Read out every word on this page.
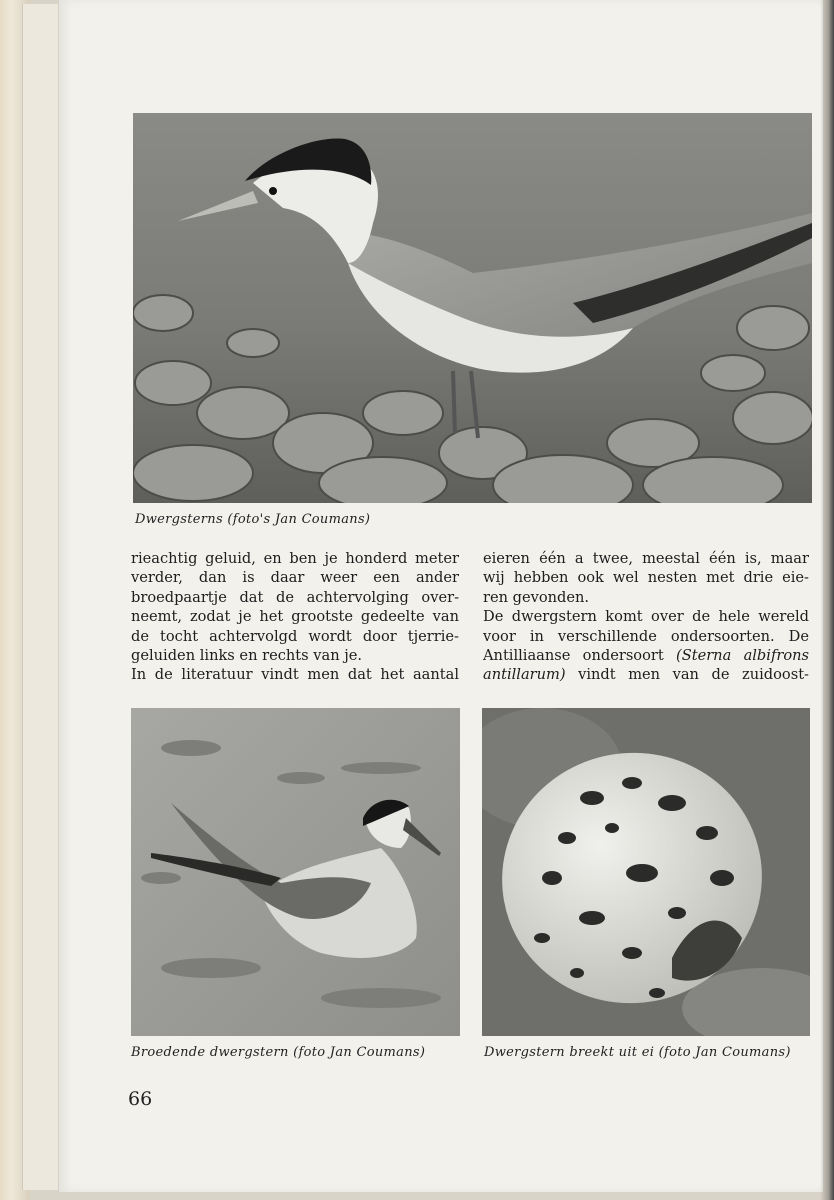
Dwergsterns (foto's Jan Coumans)
rieachtig geluid, en ben je honderd meter
verder, dan is daar weer een ander
broedpaartje dat de achtervolging over-
neemt, zodat je het grootste gedeelte van
de tocht achtervolgd wordt door tjerrie-
geluiden links en rechts van je.
In de literatuur vindt men dat het aantal
eieren één a twee, meestal één is, maar
wij hebben ook wel nesten met drie eie-
ren gevonden.
De dwergstern komt over de hele wereld
voor in verschillende ondersoorten. De
Antilliaanse ondersoort (Sterna albifrons
antillarum) vindt men van de zuidoost-
Broedende dwergstern (foto Jan Coumans)	Dwergstern breekt uit ei (foto Jan Coumans)
66
